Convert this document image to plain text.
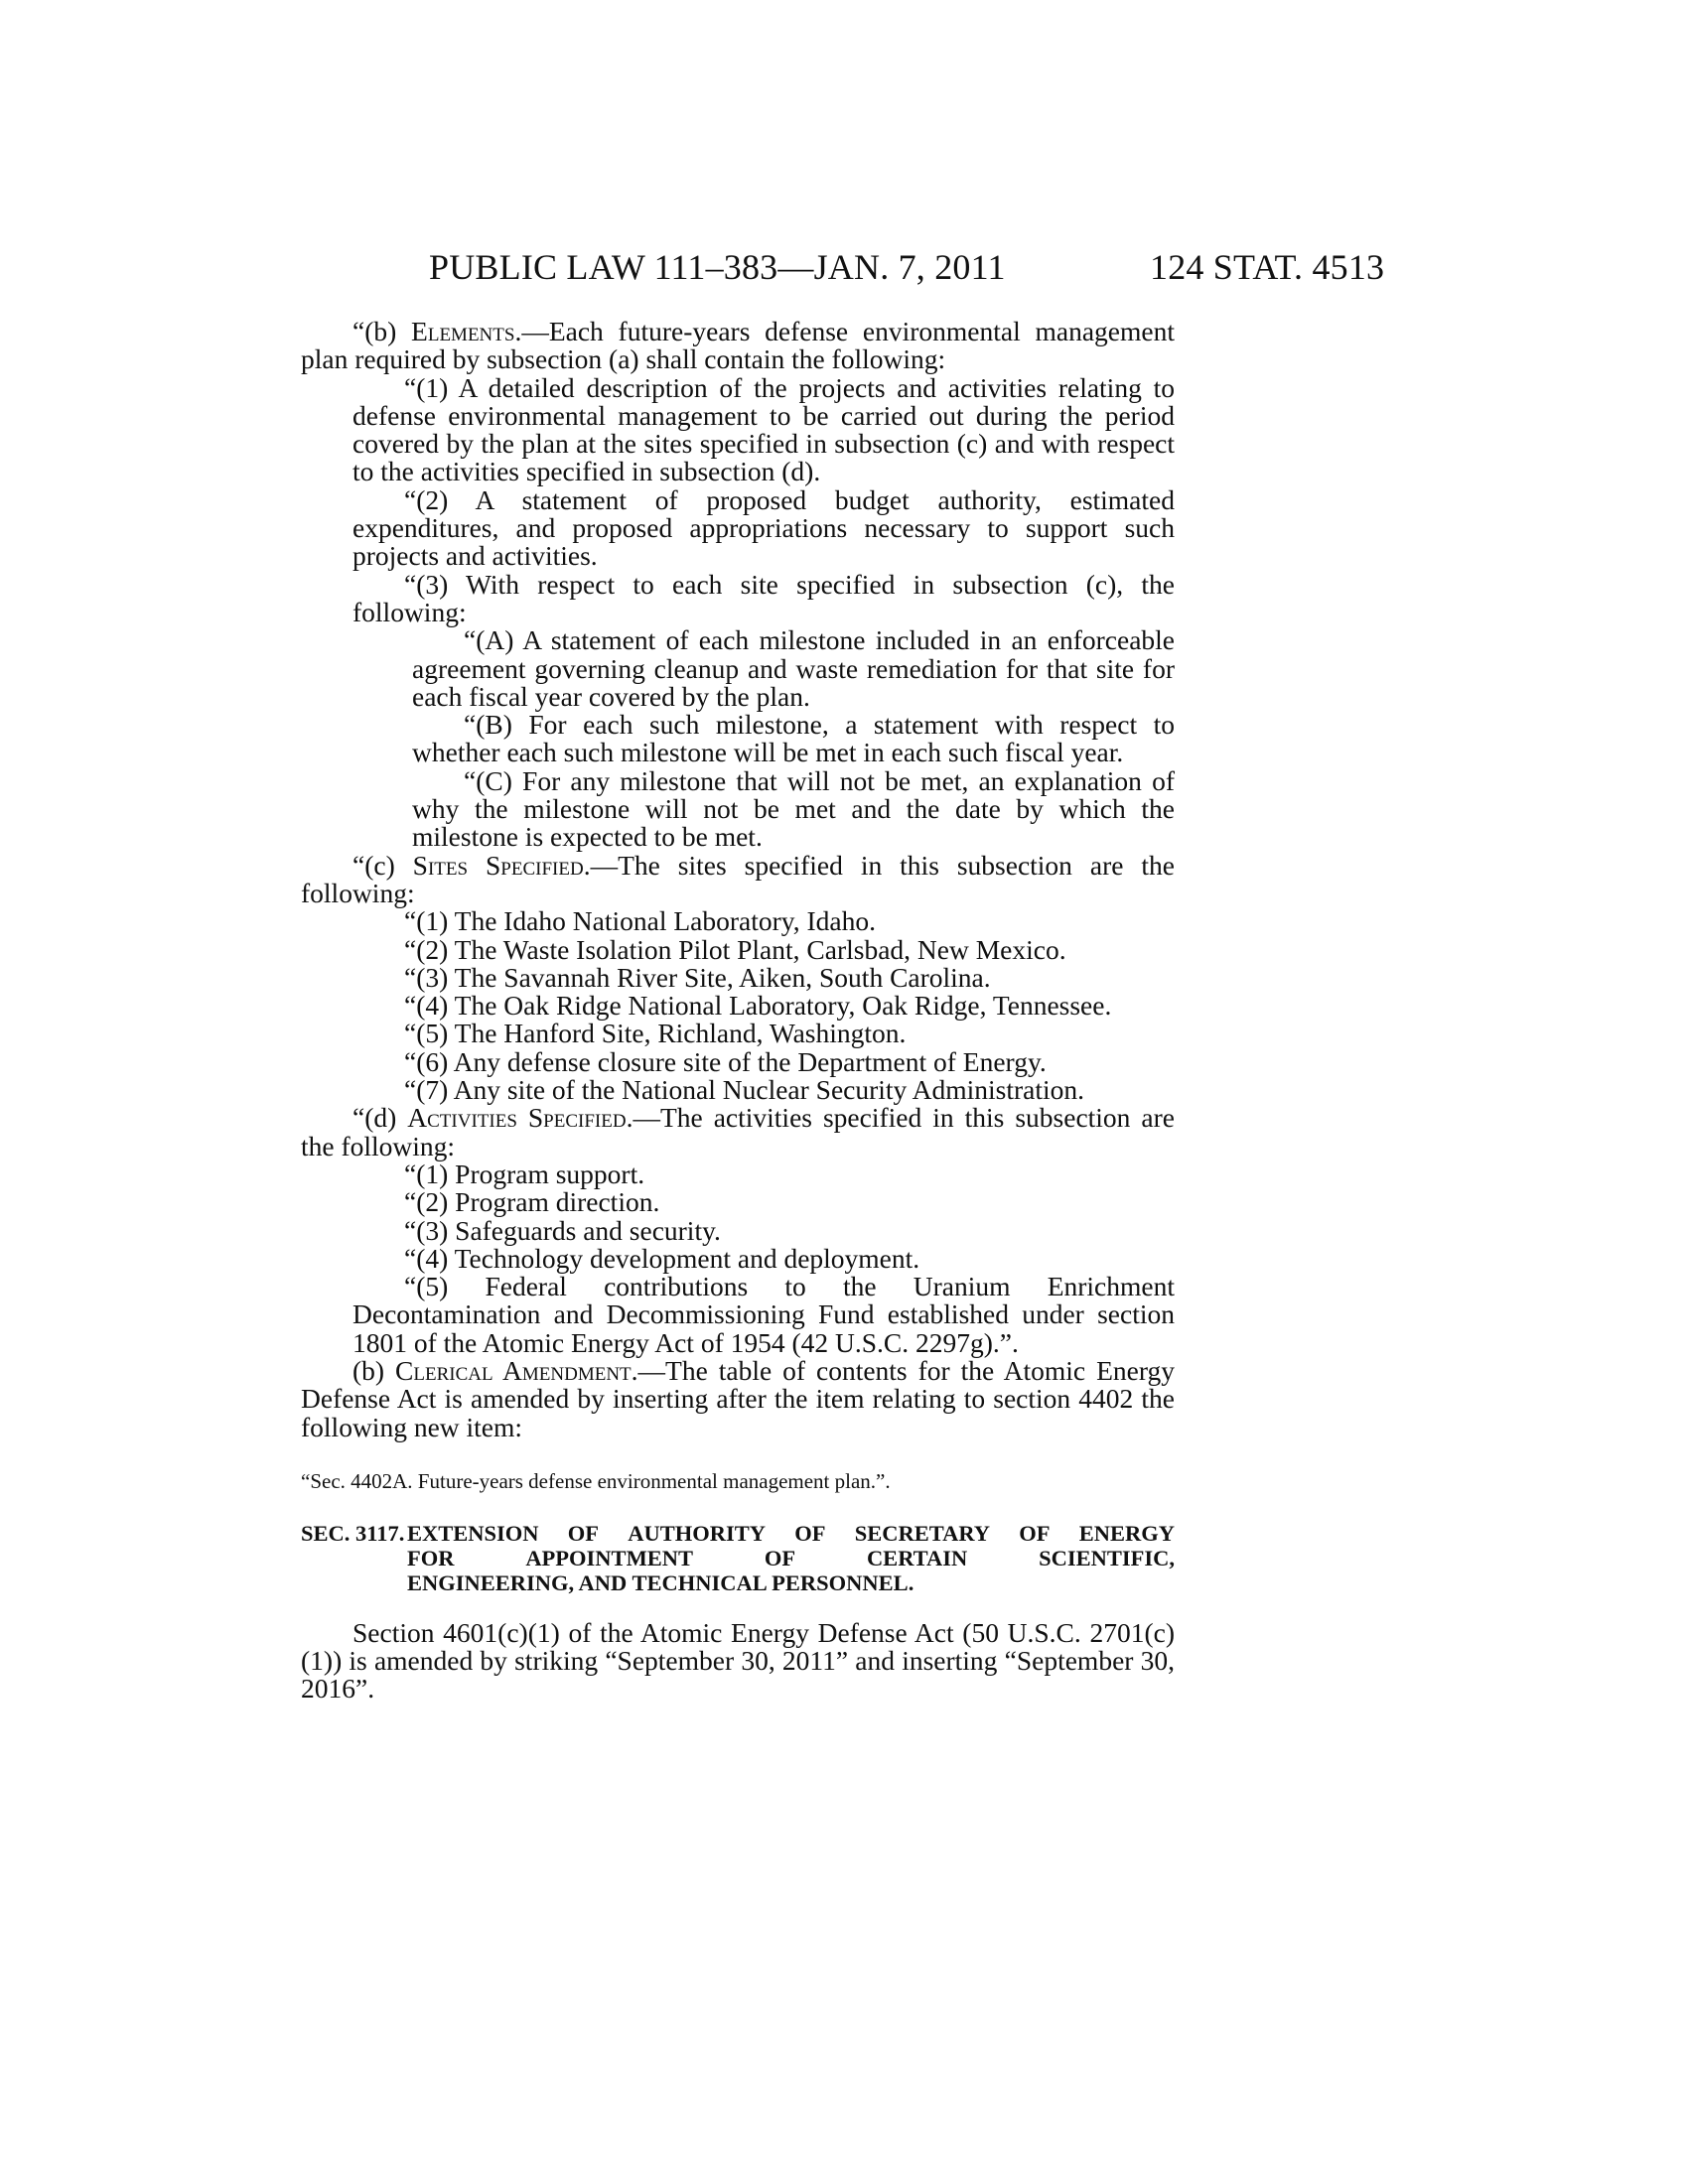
PUBLIC LAW 111–383—JAN. 7, 2011	124 STAT. 4513

“(b) Elements.—Each future-years defense environmental management plan required by subsection (a) shall contain the following:

“(1) A detailed description of the projects and activities relating to defense environmental management to be carried out during the period covered by the plan at the sites specified in subsection (c) and with respect to the activities specified in subsection (d).

“(2) A statement of proposed budget authority, estimated expenditures, and proposed appropriations necessary to support such projects and activities.

“(3) With respect to each site specified in subsection (c), the following:

“(A) A statement of each milestone included in an enforceable agreement governing cleanup and waste remediation for that site for each fiscal year covered by the plan.

“(B) For each such milestone, a statement with respect to whether each such milestone will be met in each such fiscal year.

“(C) For any milestone that will not be met, an explanation of why the milestone will not be met and the date by which the milestone is expected to be met.

“(c) Sites Specified.—The sites specified in this subsection are the following:

“(1) The Idaho National Laboratory, Idaho.

“(2) The Waste Isolation Pilot Plant, Carlsbad, New Mexico.

“(3) The Savannah River Site, Aiken, South Carolina.

“(4) The Oak Ridge National Laboratory, Oak Ridge, Tennessee.

“(5) The Hanford Site, Richland, Washington.

“(6) Any defense closure site of the Department of Energy.

“(7) Any site of the National Nuclear Security Administration.

“(d) Activities Specified.—The activities specified in this subsection are the following:

“(1) Program support.

“(2) Program direction.

“(3) Safeguards and security.

“(4) Technology development and deployment.

“(5) Federal contributions to the Uranium Enrichment Decontamination and Decommissioning Fund established under section 1801 of the Atomic Energy Act of 1954 (42 U.S.C. 2297g).”.

(b) Clerical Amendment.—The table of contents for the Atomic Energy Defense Act is amended by inserting after the item relating to section 4402 the following new item:

“Sec. 4402A. Future-years defense environmental management plan.”.

SEC. 3117. EXTENSION OF AUTHORITY OF SECRETARY OF ENERGY
FOR	APPOINTMENT	OF	CERTAIN	SCIENTIFIC,
ENGINEERING, AND TECHNICAL PERSONNEL.

Section 4601(c)(1) of the Atomic Energy Defense Act (50 U.S.C. 2701(c)(1)) is amended by striking “September 30, 2011” and inserting “September 30, 2016”.
